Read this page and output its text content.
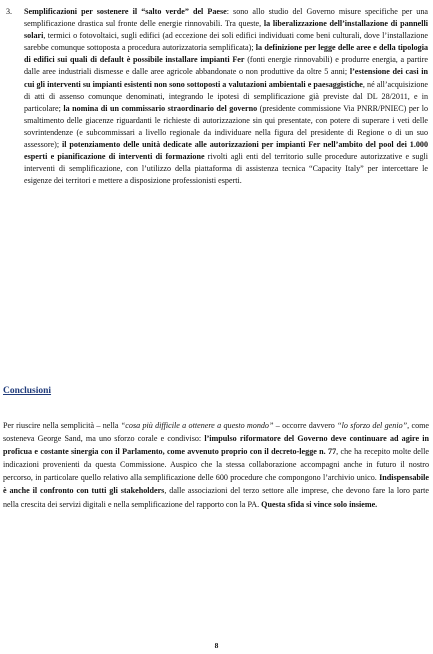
3.	Semplificazioni per sostenere il “salto verde” del Paese: sono allo studio del Governo misure specifiche per una semplificazione drastica sul fronte delle energie rinnovabili. Tra queste, la liberalizzazione dell’installazione di pannelli solari, termici o fotovoltaici, sugli edifici (ad eccezione dei soli edifici individuati come beni culturali, dove l’installazione sarebbe comunque sottoposta a procedura autorizzatoria semplificata); la definizione per legge delle aree e della tipologia di edifici sui quali di default è possibile installare impianti Fer (fonti energie rinnovabili) e produrre energia, a partire dalle aree industriali dismesse e dalle aree agricole abbandonate o non produttive da oltre 5 anni; l’estensione dei casi in cui gli interventi su impianti esistenti non sono sottoposti a valutazioni ambientali e paesaggistiche, né all’acquisizione di atti di assenso comunque denominati, integrando le ipotesi di semplificazione già previste dal DL 28/2011, e in particolare; la nomina di un commissario straordinario del governo (presidente commissione Via PNRR/PNIEC) per lo smaltimento delle giacenze riguardanti le richieste di autorizzazione sin qui presentate, con potere di superare i veti delle sovrintendenze (e subcommissari a livello regionale da individuare nella figura del presidente di Regione o di un suo assessore); il potenziamento delle unità dedicate alle autorizzazioni per impianti Fer nell’ambito del pool dei 1.000 esperti e pianificazione di interventi di formazione rivolti agli enti del territorio sulle procedure autorizzative e sugli interventi di semplificazione, con l’utilizzo della piattaforma di assistenza tecnica “Capacity Italy” per intercettare le esigenze dei territori e mettere a disposizione professionisti esperti.
Conclusioni
Per riuscire nella semplicità – nella “cosa più difficile a ottenere a questo mondo” – occorre davvero “lo sforzo del genio”, come sosteneva George Sand, ma uno sforzo corale e condiviso: l’impulso riformatore del Governo deve continuare ad agire in proficua e costante sinergia con il Parlamento, come avvenuto proprio con il decreto-legge n. 77, che ha recepito molte delle indicazioni provenienti da questa Commissione. Auspico che la stessa collaborazione accompagni anche in futuro il nostro percorso, in particolare quello relativo alla semplificazione delle 600 procedure che compongono l’archivio unico. Indispensabile è anche il confronto con tutti gli stakeholders, dalle associazioni del terzo settore alle imprese, che devono fare la loro parte nella crescita dei servizi digitali e nella semplificazione del rapporto con la PA. Questa sfida si vince solo insieme.
8
